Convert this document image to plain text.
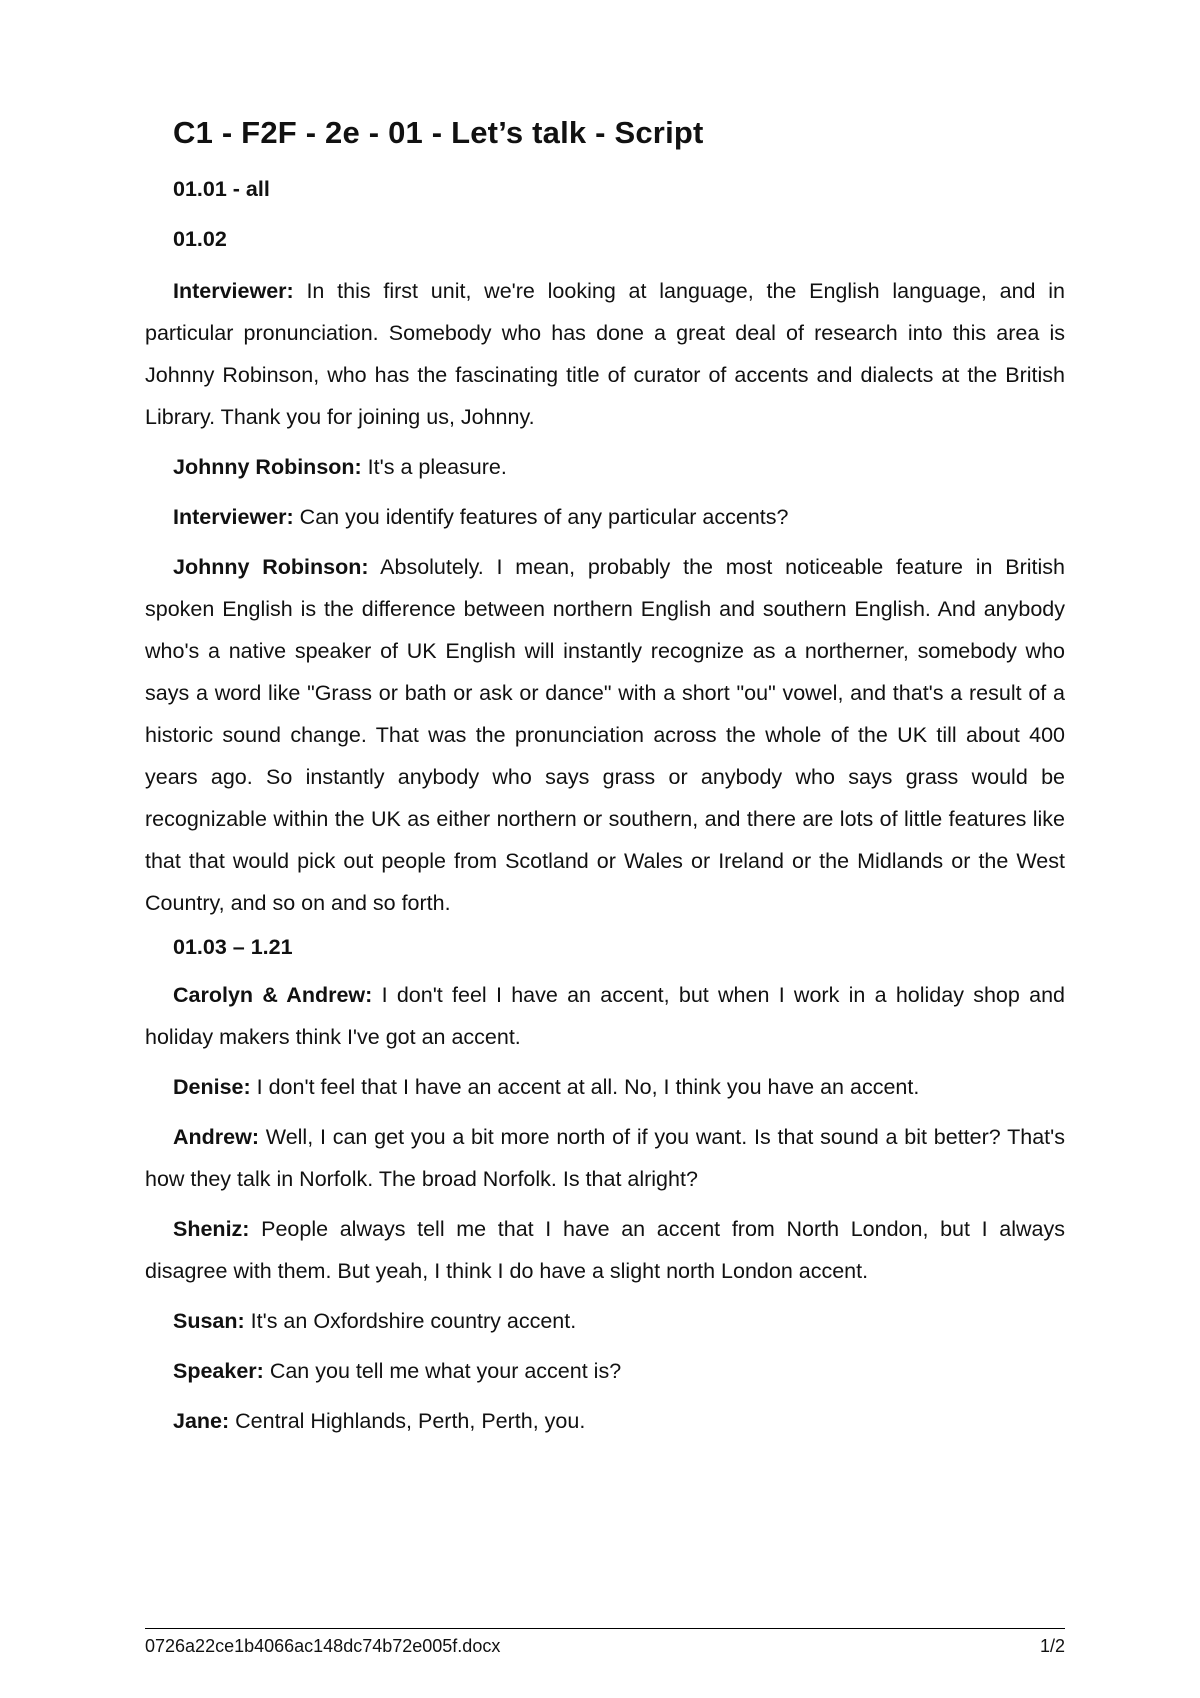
C1 - F2F - 2e - 01 - Let’s talk - Script
01.01 - all
01.02

Interviewer: In this first unit, we're looking at language, the English language, and in particular pronunciation. Somebody who has done a great deal of research into this area is Johnny Robinson, who has the fascinating title of curator of accents and dialects at the British Library. Thank you for joining us, Johnny.

Johnny Robinson: It's a pleasure.

Interviewer: Can you identify features of any particular accents?

Johnny Robinson: Absolutely. I mean, probably the most noticeable feature in British spoken English is the difference between northern English and southern English. And anybody who's a native speaker of UK English will instantly recognize as a northerner, somebody who says a word like "Grass or bath or ask or dance" with a short "ou" vowel, and that's a result of a historic sound change. That was the pronunciation across the whole of the UK till about 400 years ago. So instantly anybody who says grass or anybody who says grass would be recognizable within the UK as either northern or southern, and there are lots of little features like that that would pick out people from Scotland or Wales or Ireland or the Midlands or the West Country, and so on and so forth.

01.03 – 1.21

Carolyn & Andrew: I don't feel I have an accent, but when I work in a holiday shop and holiday makers think I've got an accent.

Denise: I don't feel that I have an accent at all. No, I think you have an accent.

Andrew: Well, I can get you a bit more north of if you want. Is that sound a bit better? That's how they talk in Norfolk. The broad Norfolk. Is that alright?

Sheniz: People always tell me that I have an accent from North London, but I always disagree with them. But yeah, I think I do have a slight north London accent.

Susan: It's an Oxfordshire country accent.

Speaker: Can you tell me what your accent is?

Jane: Central Highlands, Perth, Perth, you.

0726a22ce1b4066ac148dc74b72e005f.docx	1/2
